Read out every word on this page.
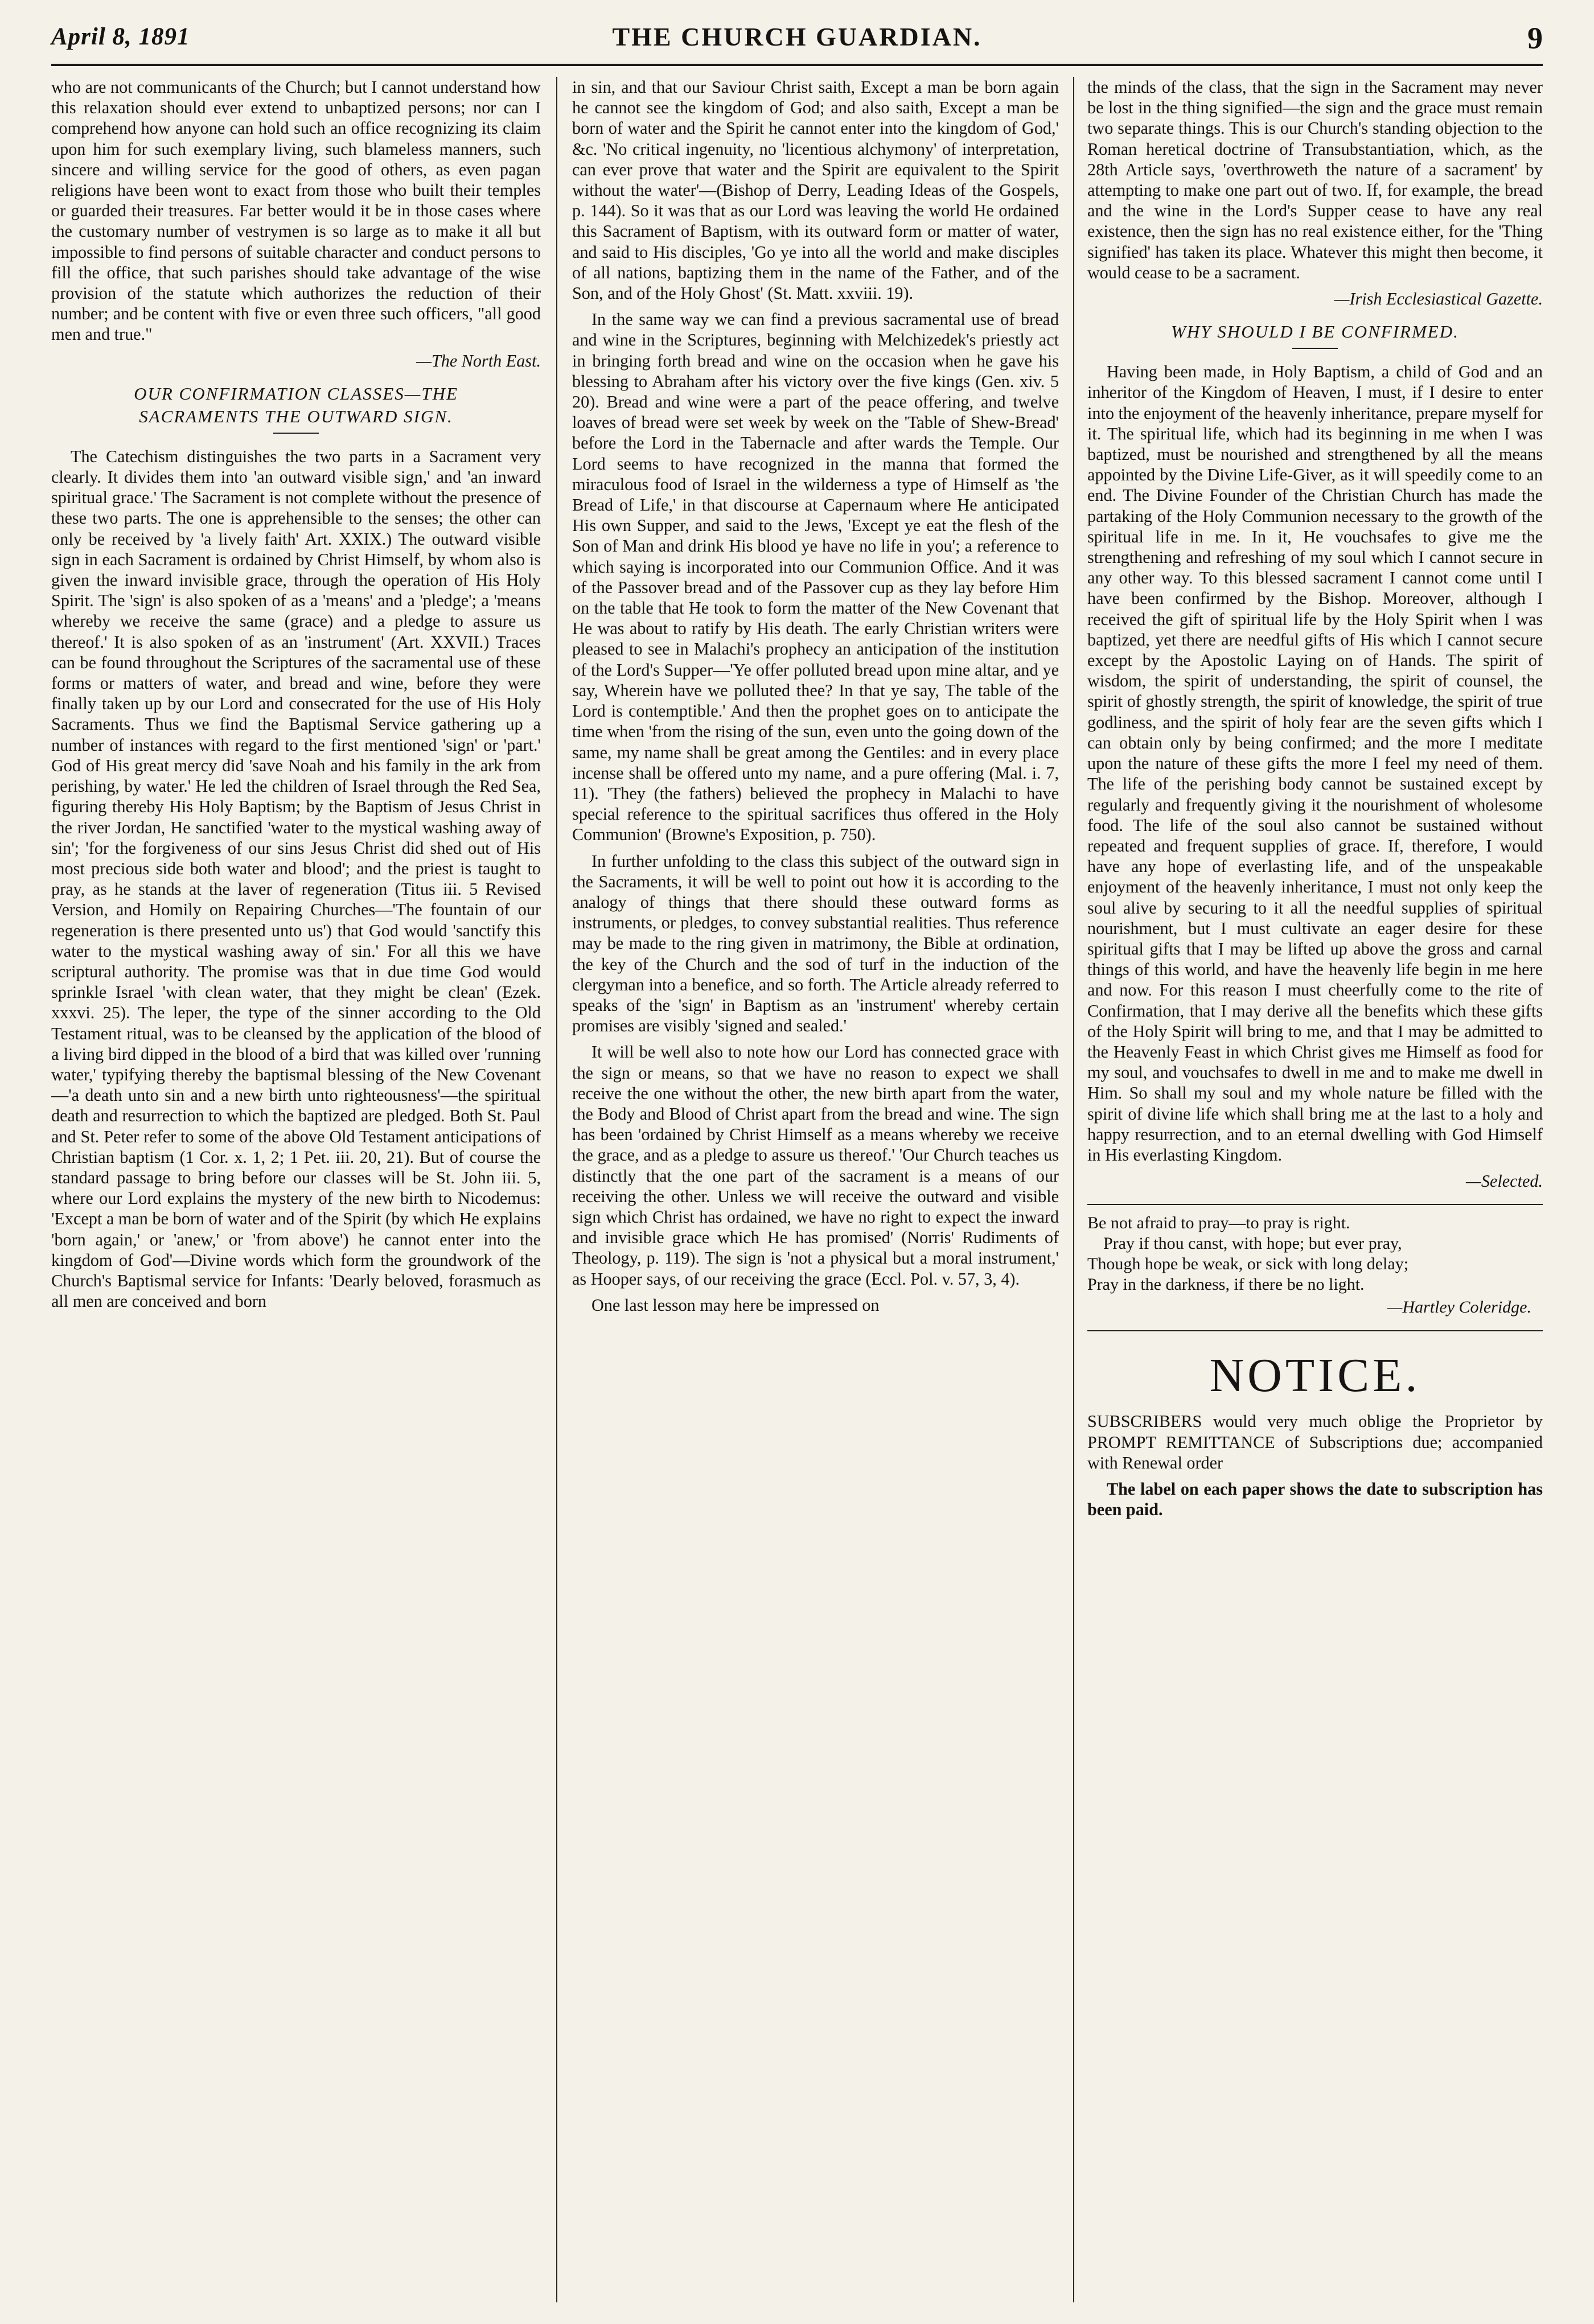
April 8, 1891	THE CHURCH GUARDIAN.	9

who are not communicants of the Church; but I cannot understand how this relaxation should ever extend to unbaptized persons; nor can I comprehend how anyone can hold such an office recognizing its claim upon him for such exemplary living, such blameless manners, such sincere and willing service for the good of others, as even pagan religions have been wont to exact from those who built their temples or guarded their treasures. Far better would it be in those cases where the customary number of vestrymen is so large as to make it all but impossible to find persons of suitable character and conduct persons to fill the office, that such parishes should take advantage of the wise provision of the statute which authorizes the reduction of their number; and be content with five or even three such officers, "all good men and true."

—The North East.

OUR CONFIRMATION CLASSES—THE
SACRAMENTS THE OUTWARD SIGN.

The Catechism distinguishes the two parts in a Sacrament very clearly. It divides them into 'an outward visible sign,' and 'an inward spiritual grace.' The Sacrament is not complete without the presence of these two parts. The one is apprehensible to the senses; the other can only be received by 'a lively faith' Art. XXIX.) The outward visible sign in each Sacrament is ordained by Christ Himself, by whom also is given the inward invisible grace, through the operation of His Holy Spirit. The 'sign' is also spoken of as a 'means' and a 'pledge'; a 'means whereby we receive the same (grace) and a pledge to assure us thereof.' It is also spoken of as an 'instrument' (Art. XXVII.) Traces can be found throughout the Scriptures of the sacramental use of these forms or matters of water, and bread and wine, before they were finally taken up by our Lord and consecrated for the use of His Holy Sacraments. Thus we find the Baptismal Service gathering up a number of instances with regard to the first mentioned 'sign' or 'part.' God of His great mercy did 'save Noah and his family in the ark from perishing, by water.' He led the children of Israel through the Red Sea, figuring thereby His Holy Baptism; by the Baptism of Jesus Christ in the river Jordan, He sanctified 'water to the mystical washing away of sin'; 'for the forgiveness of our sins Jesus Christ did shed out of His most precious side both water and blood'; and the priest is taught to pray, as he stands at the laver of regeneration (Titus iii. 5 Revised Version, and Homily on Repairing Churches—'The fountain of our regeneration is there presented unto us') that God would 'sanctify this water to the mystical washing away of sin.' For all this we have scriptural authority. The promise was that in due time God would sprinkle Israel 'with clean water, that they might be clean' (Ezek. xxxvi. 25). The leper, the type of the sinner according to the Old Testament ritual, was to be cleansed by the application of the blood of a living bird dipped in the blood of a bird that was killed over 'running water,' typifying thereby the baptismal blessing of the New Covenant—'a death unto sin and a new birth unto righteousness'—the spiritual death and resurrection to which the baptized are pledged. Both St. Paul and St. Peter refer to some of the above Old Testament anticipations of Christian baptism (1 Cor. x. 1, 2; 1 Pet. iii. 20, 21). But of course the standard passage to bring before our classes will be St. John iii. 5, where our Lord explains the mystery of the new birth to Nicodemus: 'Except a man be born of water and of the Spirit (by which He explains 'born again,' or 'anew,' or 'from above') he cannot enter into the kingdom of God'—Divine words which form the groundwork of the Church's Baptismal service for Infants: 'Dearly beloved, forasmuch as all men are conceived and born

in sin, and that our Saviour Christ saith, Except a man be born again he cannot see the kingdom of God; and also saith, Except a man be born of water and the Spirit he cannot enter into the kingdom of God,' &c. 'No critical ingenuity, no 'licentious alchymony' of interpretation, can ever prove that water and the Spirit are equivalent to the Spirit without the water'—(Bishop of Derry, Leading Ideas of the Gospels, p. 144). So it was that as our Lord was leaving the world He ordained this Sacrament of Baptism, with its outward form or matter of water, and said to His disciples, 'Go ye into all the world and make disciples of all nations, baptizing them in the name of the Father, and of the Son, and of the Holy Ghost' (St. Matt. xxviii. 19).

In the same way we can find a previous sacramental use of bread and wine in the Scriptures, beginning with Melchizedek's priestly act in bringing forth bread and wine on the occasion when he gave his blessing to Abraham after his victory over the five kings (Gen. xiv. 5 20). Bread and wine were a part of the peace offering, and twelve loaves of bread were set week by week on the 'Table of Shew-Bread' before the Lord in the Tabernacle and after wards the Temple. Our Lord seems to have recognized in the manna that formed the miraculous food of Israel in the wilderness a type of Himself as 'the Bread of Life,' in that discourse at Capernaum where He anticipated His own Supper, and said to the Jews, 'Except ye eat the flesh of the Son of Man and drink His blood ye have no life in you'; a reference to which saying is incorporated into our Communion Office. And it was of the Passover bread and of the Passover cup as they lay before Him on the table that He took to form the matter of the New Covenant that He was about to ratify by His death. The early Christian writers were pleased to see in Malachi's prophecy an anticipation of the institution of the Lord's Supper—'Ye offer polluted bread upon mine altar, and ye say, Wherein have we polluted thee? In that ye say, The table of the Lord is contemptible.' And then the prophet goes on to anticipate the time when 'from the rising of the sun, even unto the going down of the same, my name shall be great among the Gentiles: and in every place incense shall be offered unto my name, and a pure offering (Mal. i. 7, 11). 'They (the fathers) believed the prophecy in Malachi to have special reference to the spiritual sacrifices thus offered in the Holy Communion' (Browne's Exposition, p. 750).

In further unfolding to the class this subject of the outward sign in the Sacraments, it will be well to point out how it is according to the analogy of things that there should these outward forms as instruments, or pledges, to convey substantial realities. Thus reference may be made to the ring given in matrimony, the Bible at ordination, the key of the Church and the sod of turf in the induction of the clergyman into a benefice, and so forth. The Article already referred to speaks of the 'sign' in Baptism as an 'instrument' whereby certain promises are visibly 'signed and sealed.'

It will be well also to note how our Lord has connected grace with the sign or means, so that we have no reason to expect we shall receive the one without the other, the new birth apart from the water, the Body and Blood of Christ apart from the bread and wine. The sign has been 'ordained by Christ Himself as a means whereby we receive the grace, and as a pledge to assure us thereof.' 'Our Church teaches us distinctly that the one part of the sacrament is a means of our receiving the other. Unless we will receive the outward and visible sign which Christ has ordained, we have no right to expect the inward and invisible grace which He has promised' (Norris' Rudiments of Theology, p. 119). The sign is 'not a physical but a moral instrument,' as Hooper says, of our receiving the grace (Eccl. Pol. v. 57, 3, 4).

One last lesson may here be impressed on

the minds of the class, that the sign in the Sacrament may never be lost in the thing signified—the sign and the grace must remain two separate things. This is our Church's standing objection to the Roman heretical doctrine of Transubstantiation, which, as the 28th Article says, 'overthroweth the nature of a sacrament' by attempting to make one part out of two. If, for example, the bread and the wine in the Lord's Supper cease to have any real existence, then the sign has no real existence either, for the 'Thing signified' has taken its place. Whatever this might then become, it would cease to be a sacrament.

—Irish Ecclesiastical Gazette.

WHY SHOULD I BE CONFIRMED.

Having been made, in Holy Baptism, a child of God and an inheritor of the Kingdom of Heaven, I must, if I desire to enter into the enjoyment of the heavenly inheritance, prepare myself for it. The spiritual life, which had its beginning in me when I was baptized, must be nourished and strengthened by all the means appointed by the Divine Life-Giver, as it will speedily come to an end. The Divine Founder of the Christian Church has made the partaking of the Holy Communion necessary to the growth of the spiritual life in me. In it, He vouchsafes to give me the strengthening and refreshing of my soul which I cannot secure in any other way. To this blessed sacrament I cannot come until I have been confirmed by the Bishop. Moreover, although I received the gift of spiritual life by the Holy Spirit when I was baptized, yet there are needful gifts of His which I cannot secure except by the Apostolic Laying on of Hands. The spirit of wisdom, the spirit of understanding, the spirit of counsel, the spirit of ghostly strength, the spirit of knowledge, the spirit of true godliness, and the spirit of holy fear are the seven gifts which I can obtain only by being confirmed; and the more I meditate upon the nature of these gifts the more I feel my need of them. The life of the perishing body cannot be sustained except by regularly and frequently giving it the nourishment of wholesome food. The life of the soul also cannot be sustained without repeated and frequent supplies of grace. If, therefore, I would have any hope of everlasting life, and of the unspeakable enjoyment of the heavenly inheritance, I must not only keep the soul alive by securing to it all the needful supplies of spiritual nourishment, but I must cultivate an eager desire for these spiritual gifts that I may be lifted up above the gross and carnal things of this world, and have the heavenly life begin in me here and now. For this reason I must cheerfully come to the rite of Confirmation, that I may derive all the benefits which these gifts of the Holy Spirit will bring to me, and that I may be admitted to the Heavenly Feast in which Christ gives me Himself as food for my soul, and vouchsafes to dwell in me and to make me dwell in Him. So shall my soul and my whole nature be filled with the spirit of divine life which shall bring me at the last to a holy and happy resurrection, and to an eternal dwelling with God Himself in His everlasting Kingdom.

—Selected.

Be not afraid to pray—to pray is right.
Pray if thou canst, with hope; but ever pray,
Though hope be weak, or sick with long delay;
Pray in the darkness, if there be no light.
—Hartley Coleridge.
NOTICE.

SUBSCRIBERS would very much oblige the Proprietor by PROMPT REMITTANCE of Subscriptions due; accompanied with Renewal order

The label on each paper shows the date to subscription has been paid.
